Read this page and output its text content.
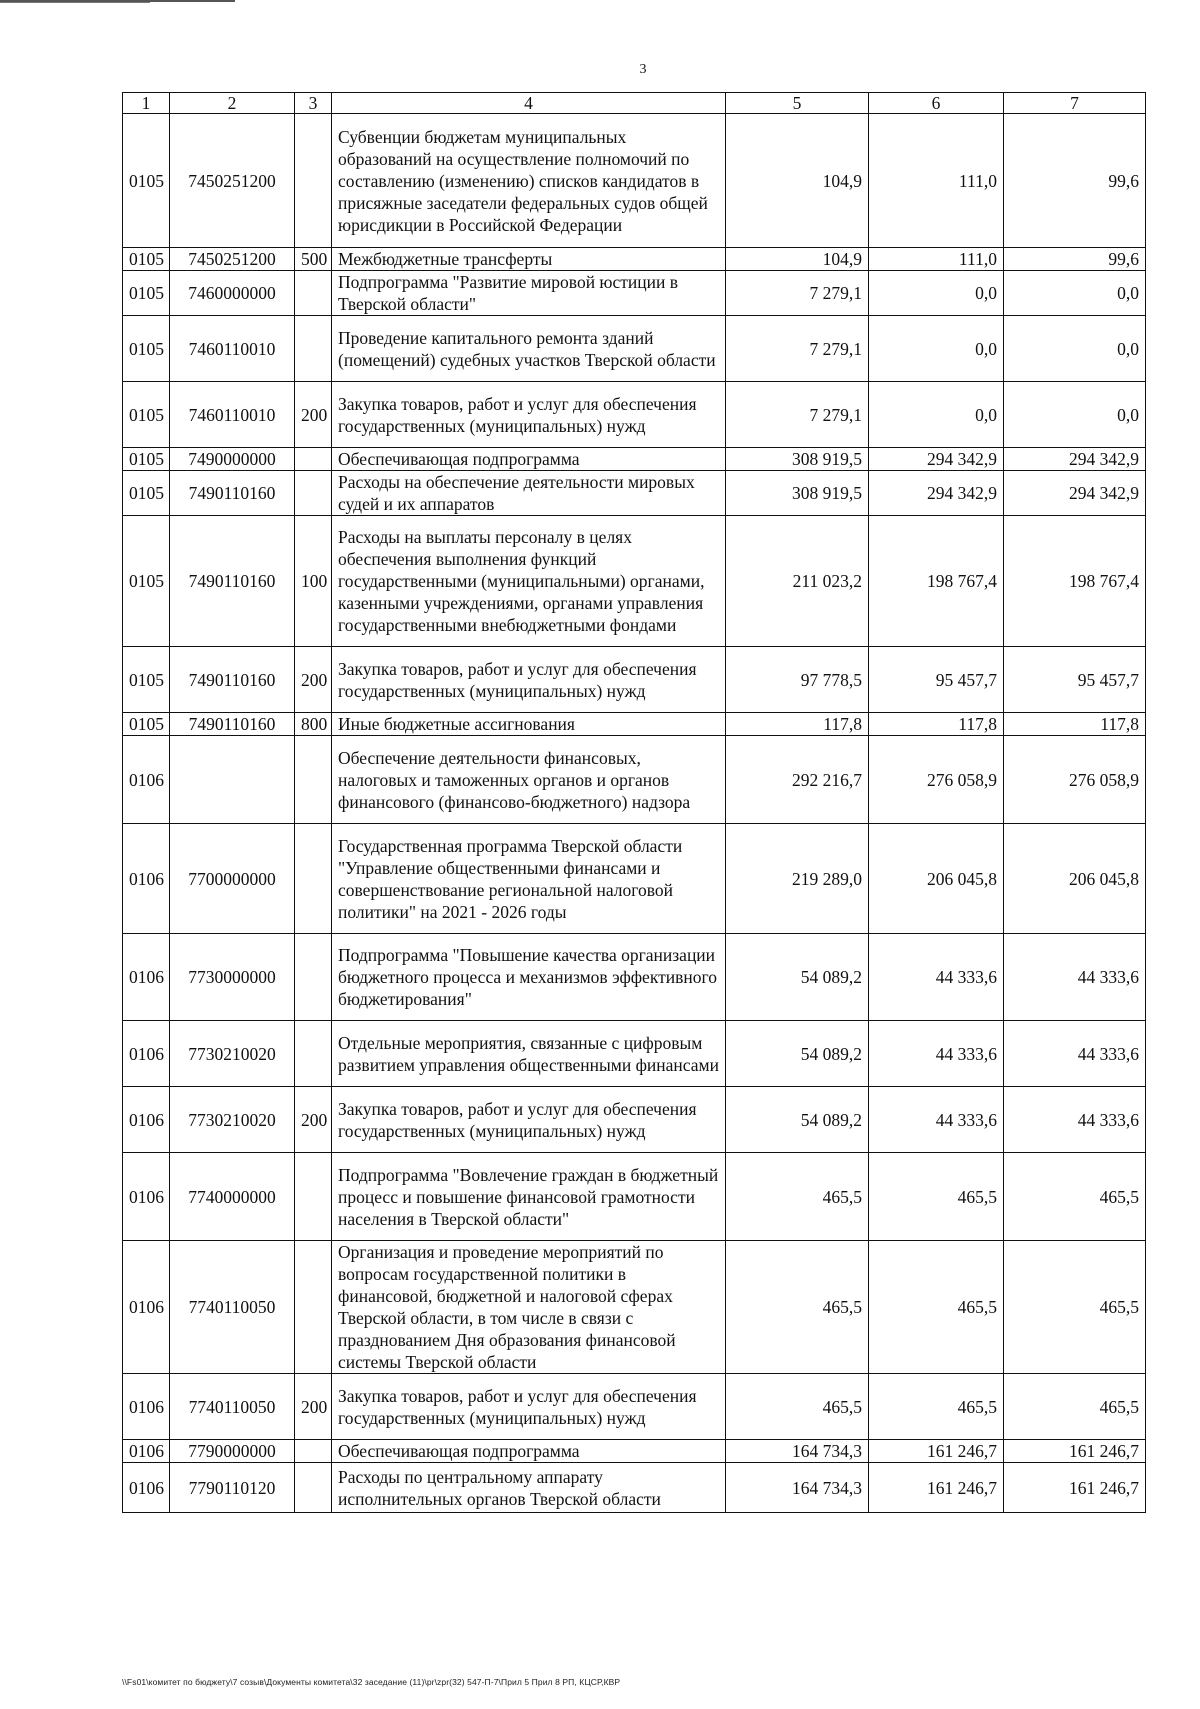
3
1	2	3	4	5	6	7
0105	7450251200		Субвенции бюджетам муниципальных образований на осуществление полномочий по составлению (изменению) списков кандидатов в присяжные заседатели федеральных судов общей юрисдикции в Российской Федерации	104,9	111,0	99,6
0105	7450251200	500	Межбюджетные трансферты	104,9	111,0	99,6
0105	7460000000		Подпрограмма "Развитие мировой юстиции в Тверской области"	7 279,1	0,0	0,0
0105	7460110010		Проведение капитального ремонта зданий (помещений) судебных участков Тверской области	7 279,1	0,0	0,0
0105	7460110010	200	Закупка товаров, работ и услуг для обеспечения государственных (муниципальных) нужд	7 279,1	0,0	0,0
0105	7490000000		Обеспечивающая подпрограмма	308 919,5	294 342,9	294 342,9
0105	7490110160		Расходы на обеспечение деятельности мировых судей и их аппаратов	308 919,5	294 342,9	294 342,9
0105	7490110160	100	Расходы на выплаты персоналу в целях обеспечения выполнения функций государственными (муниципальными) органами, казенными учреждениями, органами управления государственными внебюджетными фондами	211 023,2	198 767,4	198 767,4
0105	7490110160	200	Закупка товаров, работ и услуг для обеспечения государственных (муниципальных) нужд	97 778,5	95 457,7	95 457,7
0105	7490110160	800	Иные бюджетные ассигнования	117,8	117,8	117,8
0106			Обеспечение деятельности финансовых, налоговых и таможенных органов и органов финансового (финансово-бюджетного) надзора	292 216,7	276 058,9	276 058,9
0106	7700000000		Государственная программа Тверской области "Управление общественными финансами и совершенствование региональной налоговой политики" на 2021 - 2026 годы	219 289,0	206 045,8	206 045,8
0106	7730000000		Подпрограмма "Повышение качества организации бюджетного процесса и механизмов эффективного бюджетирования"	54 089,2	44 333,6	44 333,6
0106	7730210020		Отдельные мероприятия, связанные с цифровым развитием управления общественными финансами	54 089,2	44 333,6	44 333,6
0106	7730210020	200	Закупка товаров, работ и услуг для обеспечения государственных (муниципальных) нужд	54 089,2	44 333,6	44 333,6
0106	7740000000		Подпрограмма "Вовлечение граждан в бюджетный процесс и повышение финансовой грамотности населения в Тверской области"	465,5	465,5	465,5
0106	7740110050		Организация и проведение мероприятий по вопросам государственной политики в финансовой, бюджетной и налоговой сферах Тверской области, в том числе в связи с празднованием Дня образования финансовой системы Тверской области	465,5	465,5	465,5
0106	7740110050	200	Закупка товаров, работ и услуг для обеспечения государственных (муниципальных) нужд	465,5	465,5	465,5
0106	7790000000		Обеспечивающая подпрограмма	164 734,3	161 246,7	161 246,7
0106	7790110120		Расходы по центральному аппарату исполнительных органов Тверской области	164 734,3	161 246,7	161 246,7
\\Fs01\комитет по бюджету\7 созыв\Документы комитета\32 заседание (11)\pr\zpr(32) 547-П-7\Прил 5 Прил 8 РП, КЦСР,КВР
